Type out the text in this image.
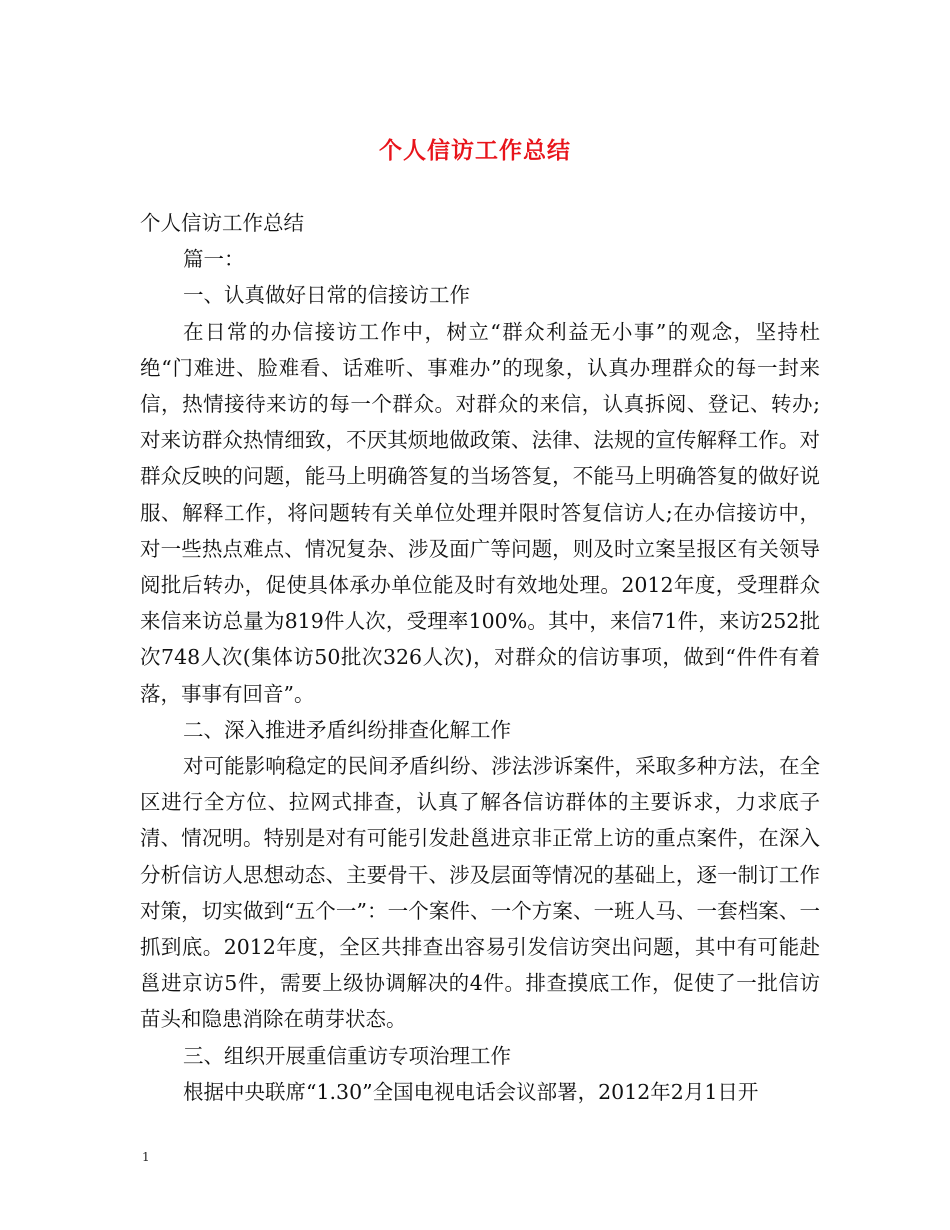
个人信访工作总结

个人信访工作总结

篇一：

一、认真做好日常的信接访工作

在日常的办信接访工作中，树立“群众利益无小事”的观念，坚持杜绝“门难进、脸难看、话难听、事难办”的现象，认真办理群众的每一封来信，热情接待来访的每一个群众。对群众的来信，认真拆阅、登记、转办;对来访群众热情细致，不厌其烦地做政策、法律、法规的宣传解释工作。对群众反映的问题，能马上明确答复的当场答复，不能马上明确答复的做好说服、解释工作，将问题转有关单位处理并限时答复信访人;在办信接访中，对一些热点难点、情况复杂、涉及面广等问题，则及时立案呈报区有关领导阅批后转办，促使具体承办单位能及时有效地处理。2012年度，受理群众来信来访总量为819件人次，受理率100%。其中，来信71件，来访252批次748人次(集体访50批次326人次)，对群众的信访事项，做到“件件有着落，事事有回音”。

二、深入推进矛盾纠纷排查化解工作

对可能影响稳定的民间矛盾纠纷、涉法涉诉案件，采取多种方法，在全区进行全方位、拉网式排查，认真了解各信访群体的主要诉求，力求底子清、情况明。特别是对有可能引发赴邕进京非正常上访的重点案件，在深入分析信访人思想动态、主要骨干、涉及层面等情况的基础上，逐一制订工作对策，切实做到“五个一”：一个案件、一个方案、一班人马、一套档案、一抓到底。2012年度，全区共排查出容易引发信访突出问题，其中有可能赴邕进京访5件，需要上级协调解决的4件。排查摸底工作，促使了一批信访苗头和隐患消除在萌芽状态。

三、组织开展重信重访专项治理工作

根据中央联席“1.30”全国电视电话会议部署，2012年2月1日开

1
